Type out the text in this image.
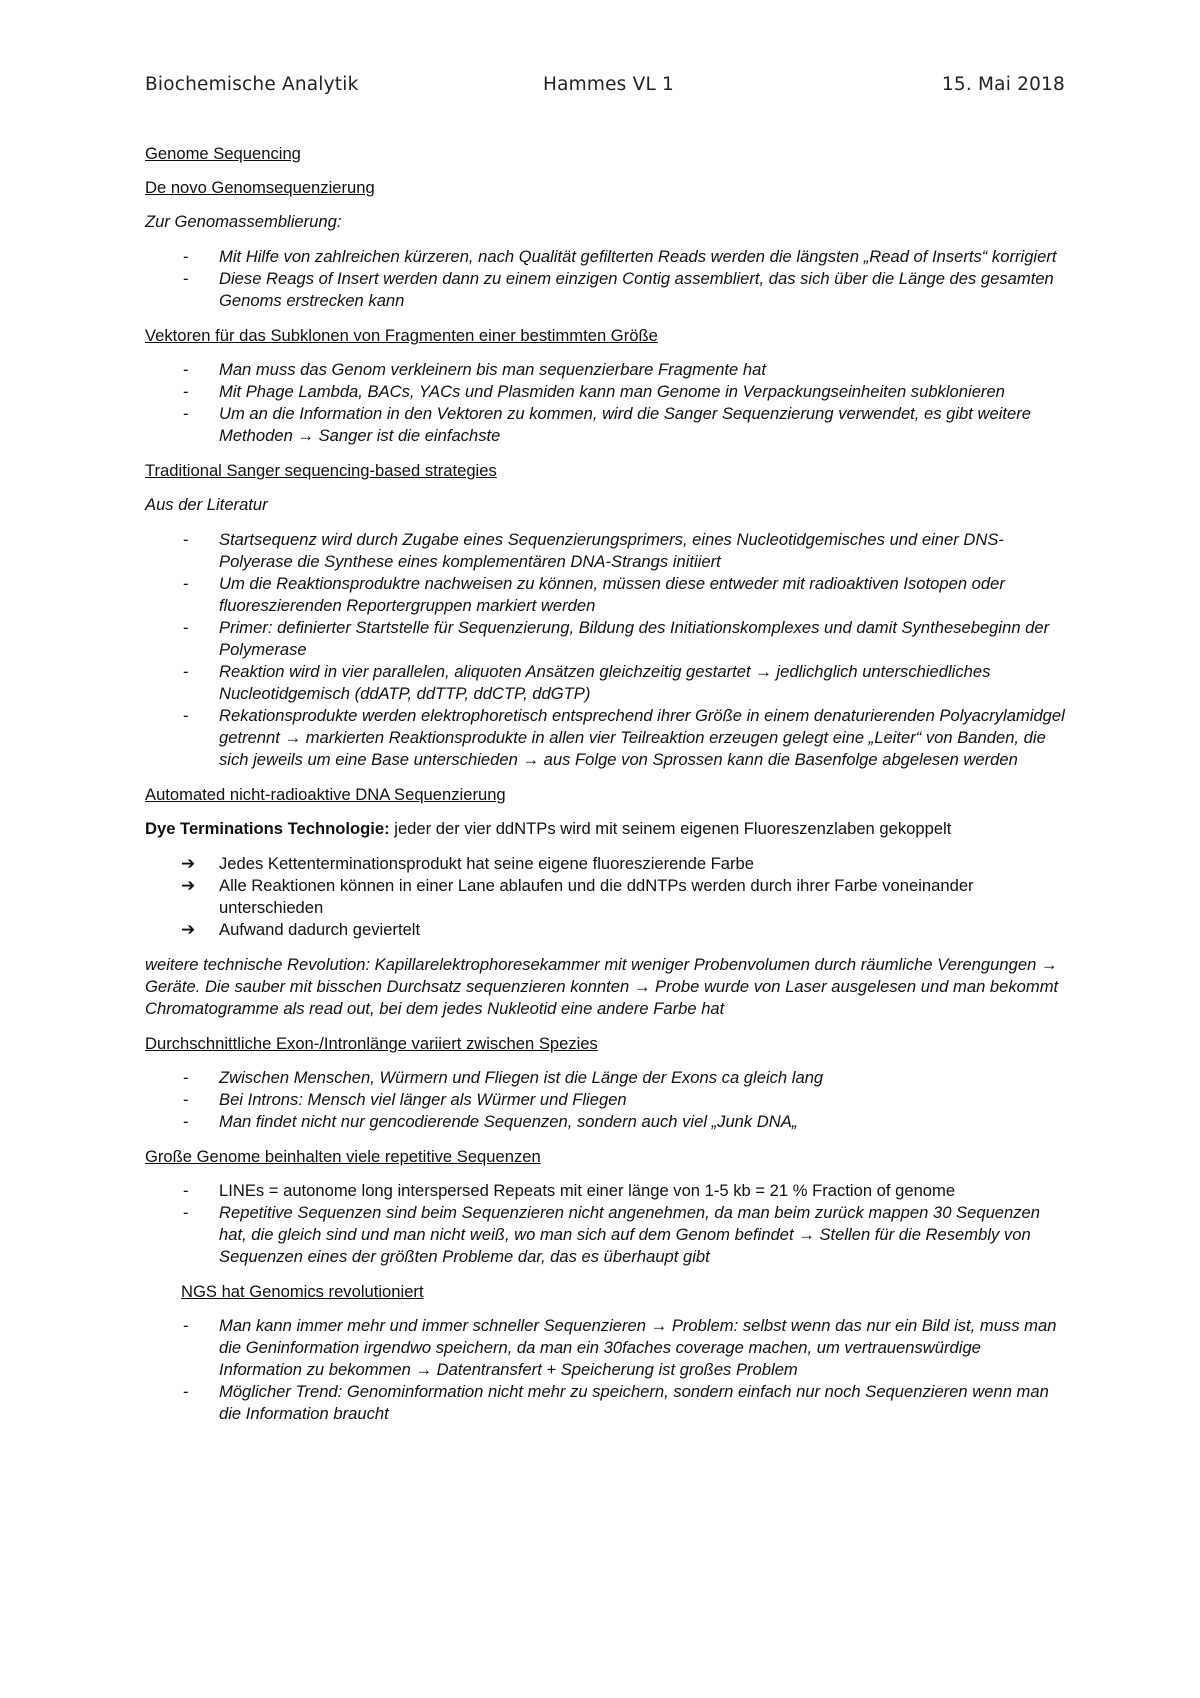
Biochemische Analytik	Hammes VL 1	15. Mai 2018
Genome Sequencing
De novo Genomsequenzierung
Zur Genomassemblierung:
- Mit Hilfe von zahlreichen kürzeren, nach Qualität gefilterten Reads werden die längsten „Read of Inserts“ korrigiert
- Diese Reags of Insert werden dann zu einem einzigen Contig assembliert, das sich über die Länge des gesamten Genoms erstrecken kann
Vektoren für das Subklonen von Fragmenten einer bestimmten Größe
- Man muss das Genom verkleinern bis man sequenzierbare Fragmente hat
- Mit Phage Lambda, BACs, YACs und Plasmiden kann man Genome in Verpackungseinheiten subklonieren
- Um an die Information in den Vektoren zu kommen, wird die Sanger Sequenzierung verwendet, es gibt weitere Methoden → Sanger ist die einfachste
Traditional Sanger sequencing-based strategies
Aus der Literatur
- Startsequenz wird durch Zugabe eines Sequenzierungsprimers, eines Nucleotidgemisches und einer DNS-Polyerase die Synthese eines komplementären DNA-Strangs initiiert
- Um die Reaktionsproduktre nachweisen zu können, müssen diese entweder mit radioaktiven Isotopen oder fluoreszierenden Reportergruppen markiert werden
- Primer: definierter Startstelle für Sequenzierung, Bildung des Initiationskomplexes und damit Synthesebeginn der Polymerase
- Reaktion wird in vier parallelen, aliquoten Ansätzen gleichzeitig gestartet → jedlichglich unterschiedliches Nucleotidgemisch (ddATP, ddTTP, ddCTP, ddGTP)
- Rekationsprodukte werden elektrophoretisch entsprechend ihrer Größe in einem denaturierenden Polyacrylamidgel getrennt → markierten Reaktionsprodukte in allen vier Teilreaktion erzeugen gelegt eine „Leiter“ von Banden, die sich jeweils um eine Base unterschieden → aus Folge von Sprossen kann die Basenfolge abgelesen werden
Automated nicht-radioaktive DNA Sequenzierung
Dye Terminations Technologie: jeder der vier ddNTPs wird mit seinem eigenen Fluoreszenzlaben gekoppelt
➔ Jedes Kettenterminationsprodukt hat seine eigene fluoreszierende Farbe
➔ Alle Reaktionen können in einer Lane ablaufen und die ddNTPs werden durch ihrer Farbe voneinander unterschieden
➔ Aufwand dadurch geviertelt
weitere technische Revolution: Kapillarelektrophoresekammer mit weniger Probenvolumen durch räumliche Verengungen → Geräte. Die sauber mit bisschen Durchsatz sequenzieren konnten → Probe wurde von Laser ausgelesen und man bekommt Chromatogramme als read out, bei dem jedes Nukleotid eine andere Farbe hat
Durchschnittliche Exon-/Intronlänge variiert zwischen Spezies
- Zwischen Menschen, Würmern und Fliegen ist die Länge der Exons ca gleich lang
- Bei Introns: Mensch viel länger als Würmer und Fliegen
- Man findet nicht nur gencodierende Sequenzen, sondern auch viel „Junk DNA„
Große Genome beinhalten viele repetitive Sequenzen
- LINEs = autonome long interspersed Repeats mit einer länge von 1-5 kb = 21 % Fraction of genome
- Repetitive Sequenzen sind beim Sequenzieren nicht angenehmen, da man beim zurück mappen 30 Sequenzen hat, die gleich sind und man nicht weiß, wo man sich auf dem Genom befindet → Stellen für die Resembly von Sequenzen eines der größten Probleme dar, das es überhaupt gibt
NGS hat Genomics revolutioniert
- Man kann immer mehr und immer schneller Sequenzieren → Problem: selbst wenn das nur ein Bild ist, muss man die Geninformation irgendwo speichern, da man ein 30faches coverage machen, um vertrauenswürdige Information zu bekommen → Datentransfert + Speicherung ist großes Problem
- Möglicher Trend: Genominformation nicht mehr zu speichern, sondern einfach nur noch Sequenzieren wenn man die Information braucht
